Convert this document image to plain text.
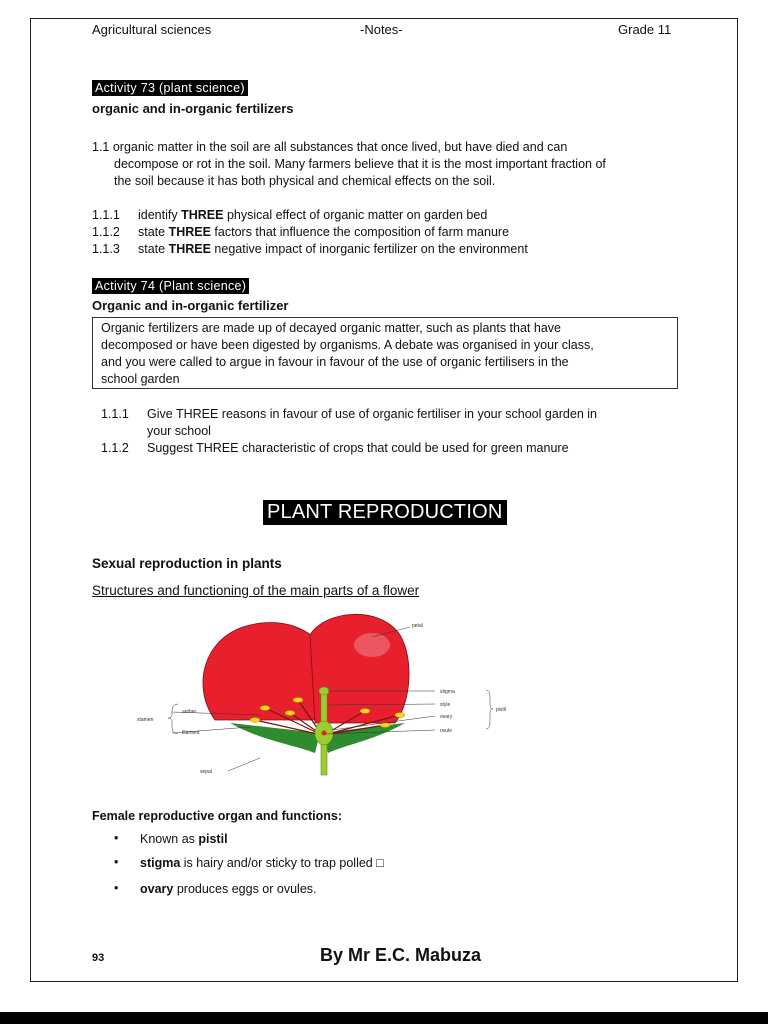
Agricultural sciences	-Notes-	Grade 11
Activity 73 (plant science)
organic and in-organic fertilizers
1.1 organic matter in the soil are all substances that once lived, but have died and can
decompose or rot in the soil. Many farmers believe that it is the most important fraction of
the soil because it has both physical and chemical effects on the soil.
1.1.1 identify THREE physical effect of organic matter on garden bed
1.1.2 state THREE factors that influence the composition of farm manure
1.1.3 state THREE negative impact of inorganic fertilizer on the environment
Activity 74 (Plant science)
Organic and in-organic fertilizer
Organic fertilizers are made up of decayed organic matter, such as plants that have
decomposed or have been digested by organisms. A debate was organised in your class,
and you were called to argue in favour in favour of the use of organic fertilisers in the
school garden
1.1.1 Give THREE reasons in favour of use of organic fertiliser in your school garden in
your school
1.1.2 Suggest THREE characteristic of crops that could be used for green manure
PLANT REPRODUCTION
Sexual reproduction in plants
Structures and functioning of the main parts of a flower
petal
stigma
style
ovary
ovule
pistil
anther
filament
stamen
sepal
Female reproductive organ and functions:
• Known as pistil
• stigma is hairy and/or sticky to trap polled □
• ovary produces eggs or ovules.
93	By Mr E.C. Mabuza
